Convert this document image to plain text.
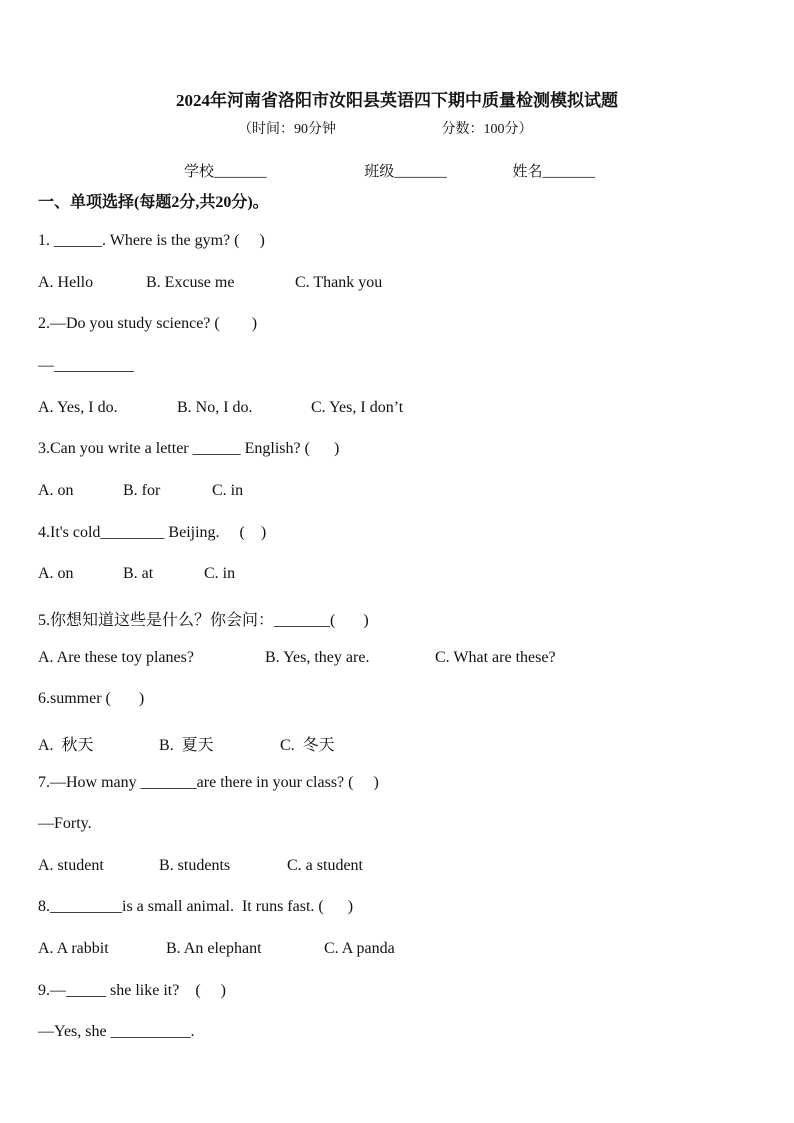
2024年河南省洛阳市汝阳县英语四下期中质量检测模拟试题
（时间：90分钟	分数：100分）
学校_______	班级_______	姓名_______
一、单项选择(每题2分,共20分)。
1. ______. Where is the gym? (     )
A. Hello	B. Excuse me	C. Thank you
2.—Do you study science? (        )
—__________
A. Yes, I do.	B. No, I do.	C. Yes, I don’t
3.Can you write a letter ______ English? (      )
A. on	B. for	C. in
4.It's cold________ Beijing.     (    )
A. on	B. at	C. in
5.你想知道这些是什么？你会问：_______(       )
A. Are these toy planes?	B. Yes, they are.	C. What are these?
6.summer (       )
A.  秋天	B.  夏天	C.  冬天
7.—How many _______are there in your class? (     )
—Forty.
A. student	B. students	C. a student
8._________is a small animal.  It runs fast. (      )
A. A rabbit	B. An elephant	C. A panda
9.—_____ she like it?    (     )
—Yes, she __________.
